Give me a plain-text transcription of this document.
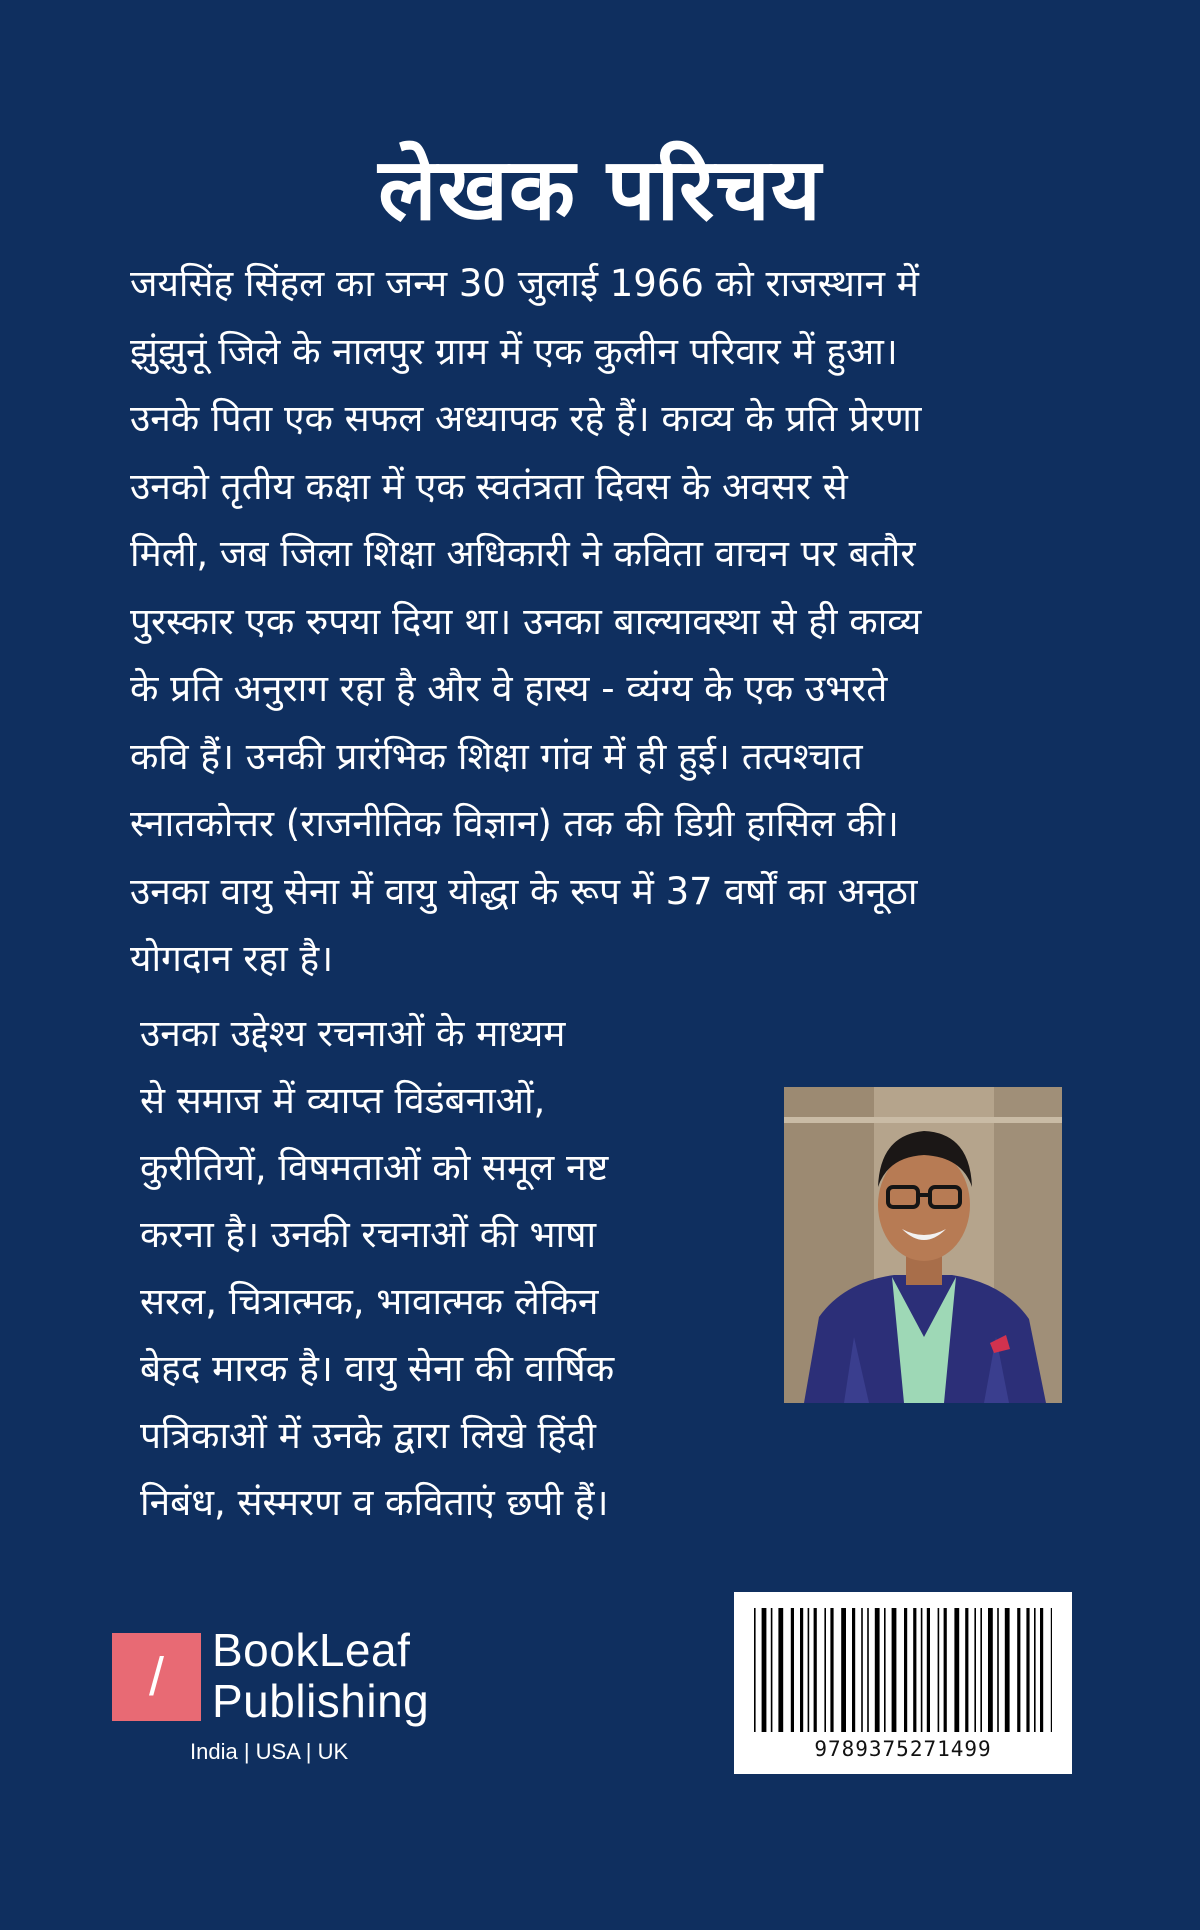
लेखक परिचय
जयसिंह सिंहल का जन्म 30 जुलाई 1966 को राजस्थान में
झुंझुनूं जिले के नालपुर ग्राम में एक कुलीन परिवार में हुआ।
उनके पिता एक सफल अध्यापक रहे हैं। काव्य के प्रति प्रेरणा
उनको तृतीय कक्षा में एक स्वतंत्रता दिवस के अवसर से
मिली, जब जिला शिक्षा अधिकारी ने कविता वाचन पर बतौर
पुरस्कार एक रुपया दिया था। उनका बाल्यावस्था से ही काव्य
के प्रति अनुराग रहा है और वे हास्य - व्यंग्य के एक उभरते
कवि हैं। उनकी प्रारंभिक शिक्षा गांव में ही हुई। तत्पश्चात
स्नातकोत्तर (राजनीतिक विज्ञान) तक की डिग्री हासिल की।
उनका वायु सेना में वायु योद्धा के रूप में 37 वर्षों का अनूठा
योगदान रहा है।
उनका उद्देश्य रचनाओं के माध्यम
से समाज में व्याप्त विडंबनाओं,
कुरीतियों, विषमताओं को समूल नष्ट
करना है। उनकी रचनाओं की भाषा
सरल, चित्रात्मक, भावात्मक लेकिन
बेहद मारक है। वायु सेना की वार्षिक
पत्रिकाओं में उनके द्वारा लिखे हिंदी
निबंध, संस्मरण व कविताएं छपी हैं।
/	BookLeaf
Publishing
India | USA | UK	9789375271499
